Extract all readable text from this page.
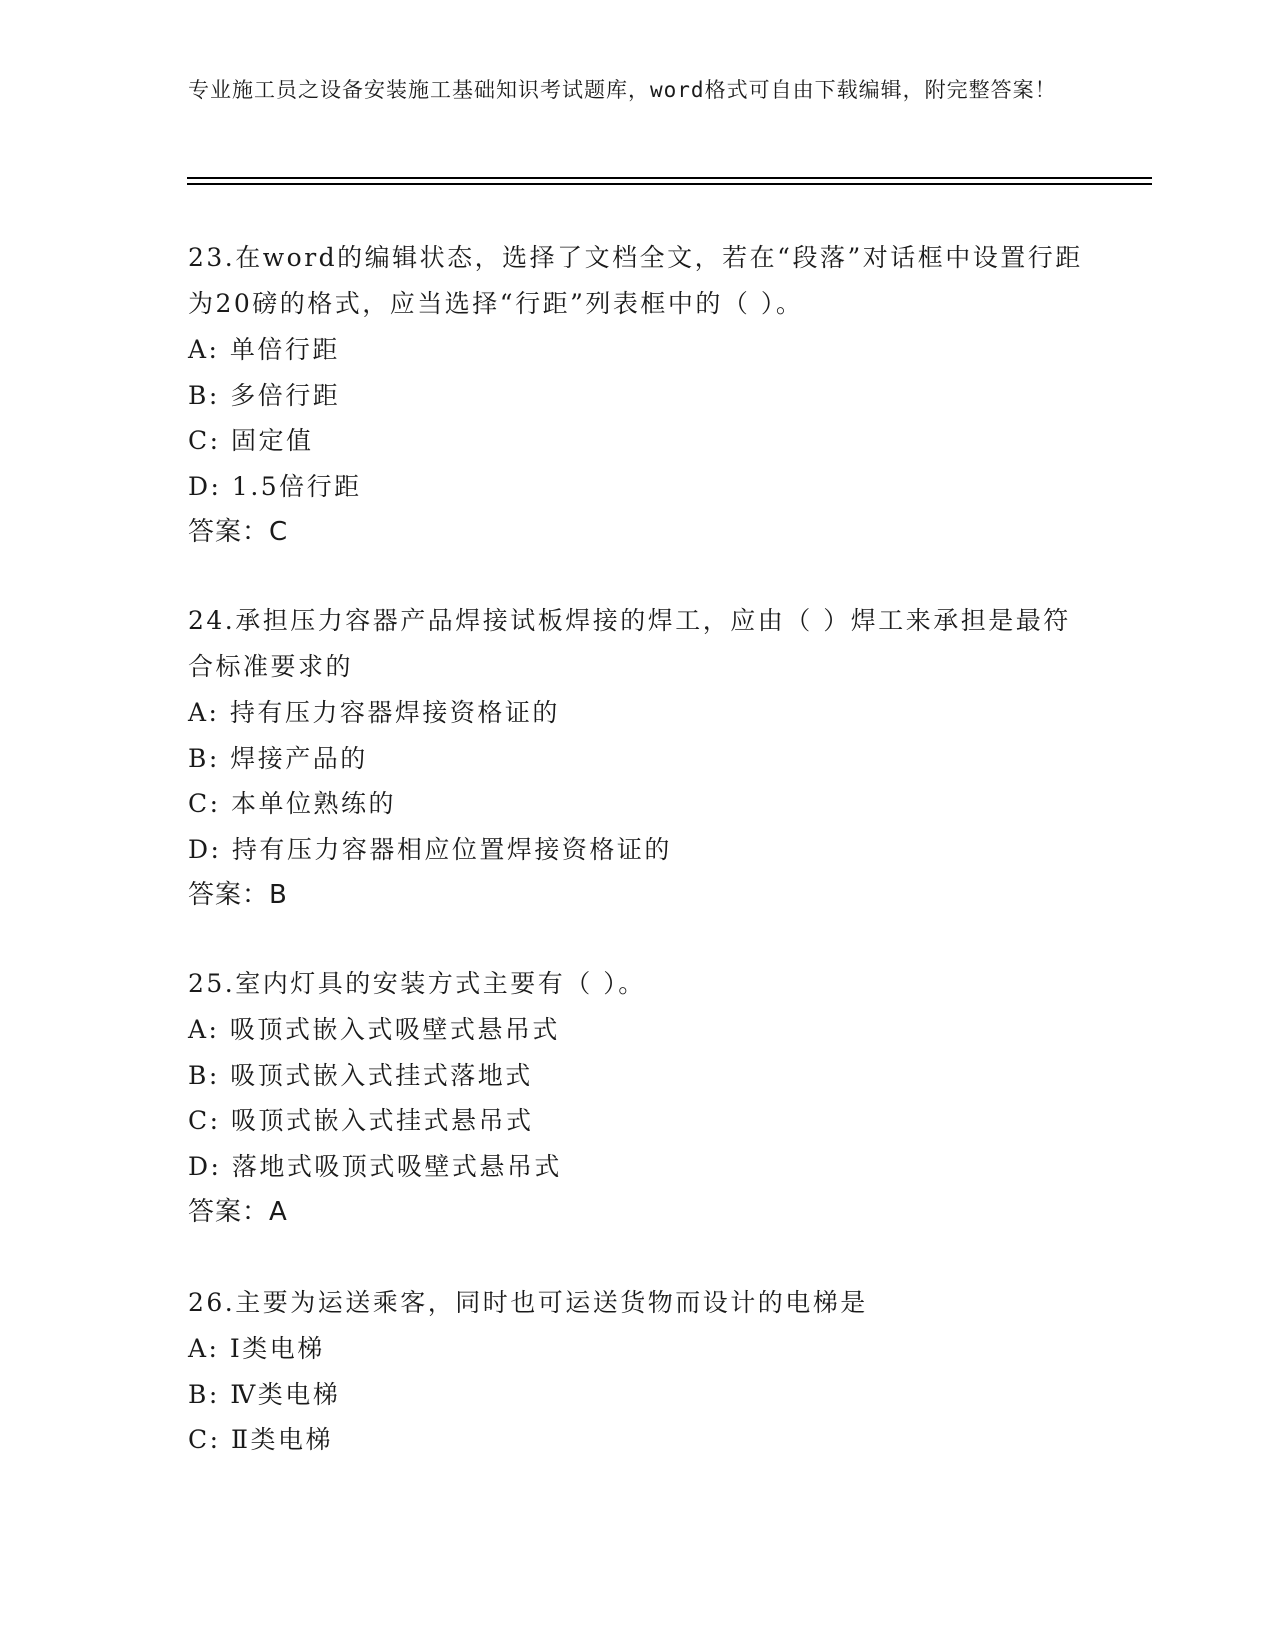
专业施工员之设备安装施工基础知识考试题库，word格式可自由下载编辑，附完整答案！
23.在word的编辑状态，选择了文档全文，若在“段落”对话框中设置行距为20磅的格式，应当选择“行距”列表框中的（ ）。
A: 单倍行距
B: 多倍行距
C: 固定值
D: 1.5倍行距
答案：C
24.承担压力容器产品焊接试板焊接的焊工，应由（ ）焊工来承担是最符合标准要求的
A: 持有压力容器焊接资格证的
B: 焊接产品的
C: 本单位熟练的
D: 持有压力容器相应位置焊接资格证的
答案：B
25.室内灯具的安装方式主要有（ ）。
A: 吸顶式嵌入式吸壁式悬吊式
B: 吸顶式嵌入式挂式落地式
C: 吸顶式嵌入式挂式悬吊式
D: 落地式吸顶式吸壁式悬吊式
答案：A
26.主要为运送乘客，同时也可运送货物而设计的电梯是
A: I类电梯
B: Ⅳ类电梯
C: Ⅱ类电梯
